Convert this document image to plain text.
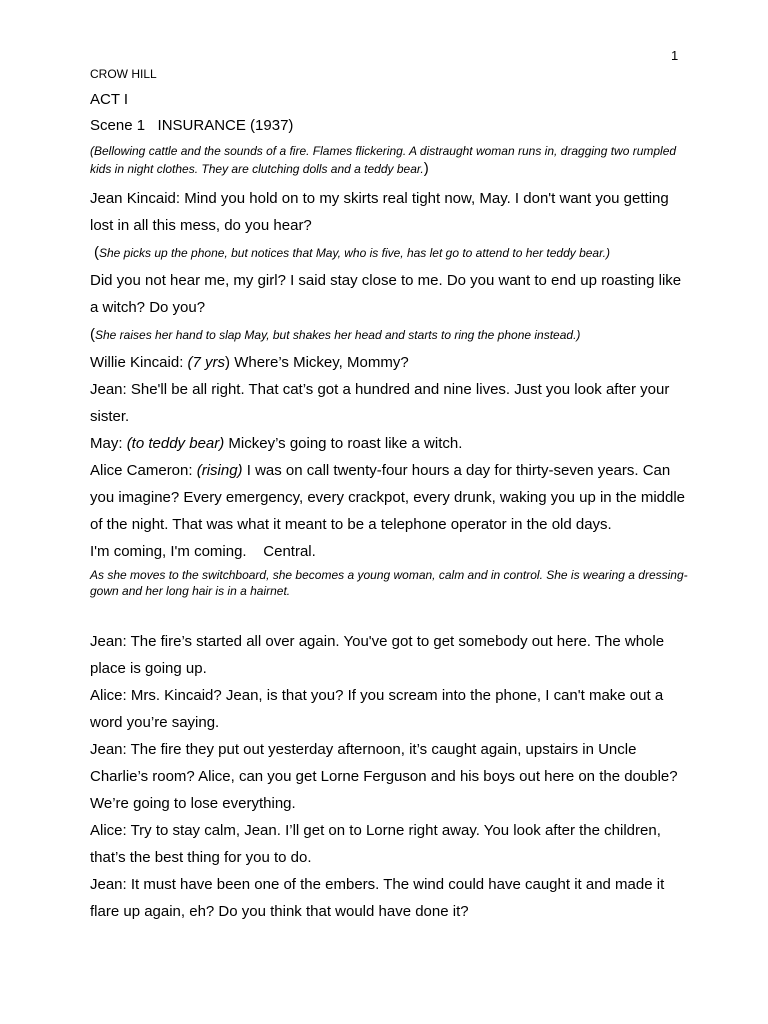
1
CROW HILL
ACT I
Scene 1   INSURANCE (1937)
(Bellowing cattle and the sounds of a fire. Flames flickering. A distraught woman runs in, dragging two rumpled kids in night clothes. They are clutching dolls and a teddy bear.)

Jean Kincaid: Mind you hold on to my skirts real tight now, May. I don't want you getting lost in all this mess, do you hear?

(She picks up the phone, but notices that May, who is five, has let go to attend to her teddy bear.)

Did you not hear me, my girl? I said stay close to me. Do you want to end up roasting like a witch? Do you?

(She raises her hand to slap May, but shakes her head and starts to ring the phone instead.)

Willie Kincaid: (7 yrs) Where’s Mickey, Mommy?

Jean: She'll be all right. That cat’s got a hundred and nine lives. Just you look after your sister.

May: (to teddy bear) Mickey’s going to roast like a witch.

Alice Cameron: (rising) I was on call twenty-four hours a day for thirty-seven years. Can you imagine? Every emergency, every crackpot, every drunk, waking you up in the middle of the night. That was what it meant to be a telephone operator in the old days.

I'm coming, I'm coming.    Central.

As she moves to the switchboard, she becomes a young woman, calm and in control. She is wearing a dressing-gown and her long hair is in a hairnet.

Jean: The fire’s started all over again. You've got to get somebody out here. The whole place is going up.

Alice: Mrs. Kincaid? Jean, is that you? If you scream into the phone, I can't make out a word you’re saying.

Jean: The fire they put out yesterday afternoon, it’s caught again, upstairs in Uncle Charlie’s room? Alice, can you get Lorne Ferguson and his boys out here on the double? We’re going to lose everything.

Alice: Try to stay calm, Jean. I’ll get on to Lorne right away. You look after the children, that’s the best thing for you to do.

Jean: It must have been one of the embers. The wind could have caught it and made it flare up again, eh? Do you think that would have done it?
